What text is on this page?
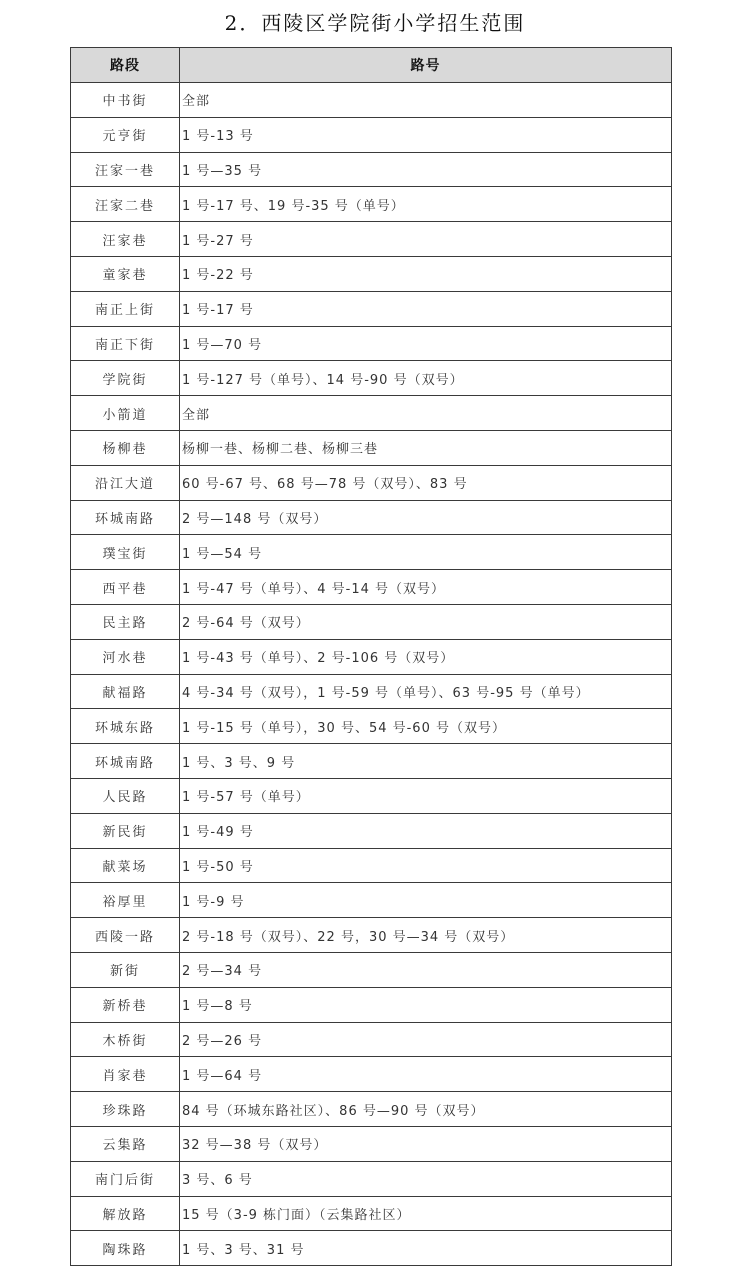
2．西陵区学院街小学招生范围
路段	路号
中书街	全部
元亨街	1 号-13 号
汪家一巷	1 号—35 号
汪家二巷	1 号-17 号、19 号-35 号（单号）
汪家巷	1 号-27 号
童家巷	1 号-22 号
南正上街	1 号-17 号
南正下街	1 号—70 号
学院街	1 号-127 号（单号）、14 号-90 号（双号）
小箭道	全部
杨柳巷	杨柳一巷、杨柳二巷、杨柳三巷
沿江大道	60 号-67 号、68 号—78 号（双号）、83 号
环城南路	2 号—148 号（双号）
璞宝街	1 号—54 号
西平巷	1 号-47 号（单号）、4 号-14 号（双号）
民主路	2 号-64 号（双号）
河水巷	1 号-43 号（单号）、2 号-106 号（双号）
献福路	4 号-34 号（双号），1 号-59 号（单号）、63 号-95 号（单号）
环城东路	1 号-15 号（单号），30 号、54 号-60 号（双号）
环城南路	1 号、3 号、9 号
人民路	1 号-57 号（单号）
新民街	1 号-49 号
献菜场	1 号-50 号
裕厚里	1 号-9 号
西陵一路	2 号-18 号（双号）、22 号，30 号—34 号（双号）
新街	2 号—34 号
新桥巷	1 号—8 号
木桥街	2 号—26 号
肖家巷	1 号—64 号
珍珠路	84 号（环城东路社区）、86 号—90 号（双号）
云集路	32 号—38 号（双号）
南门后街	3 号、6 号
解放路	15 号（3-9 栋门面）（云集路社区）
陶珠路	1 号、3 号、31 号
